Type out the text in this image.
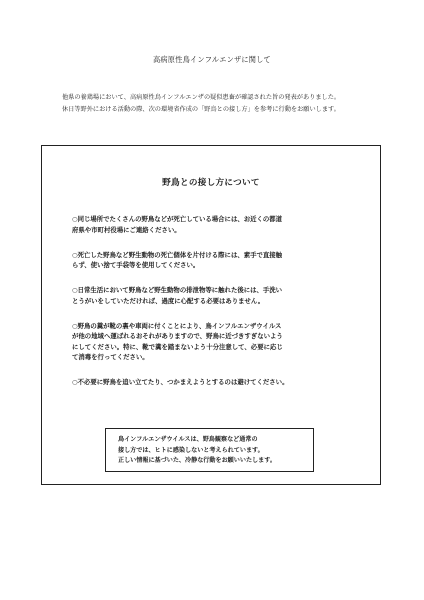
高病原性鳥インフルエンザに関して
他県の養鶏場において、高病原性鳥インフルエンザの疑似患畜が確認された旨の発表がありました。
休日等野外における活動の際、次の環境省作成の「野鳥との接し方」を参考に行動をお願いします。
野鳥との接し方について
○同じ場所でたくさんの野鳥などが死亡している場合には、お近くの都道
府県や市町村役場にご連絡ください。
○死亡した野鳥など野生動物の死亡個体を片付ける際には、素手で直接触
らず、使い捨て手袋等を使用してください。
○日常生活において野鳥など野生動物の排泄物等に触れた後には、手洗い
とうがいをしていただければ、過度に心配する必要はありません。
○野鳥の糞が靴の裏や車両に付くことにより、鳥インフルエンザウイルス
が他の地域へ運ばれるおそれがありますので、野鳥に近づきすぎないよう
にしてください。特に、靴で糞を踏まないよう十分注意して、必要に応じ
て消毒を行ってください。
○不必要に野鳥を追い立てたり、つかまえようとするのは避けてください。
鳥インフルエンザウイルスは、野鳥観察など通常の
接し方では、ヒトに感染しないと考えられています。
正しい情報に基づいた、冷静な行動をお願いいたします。
